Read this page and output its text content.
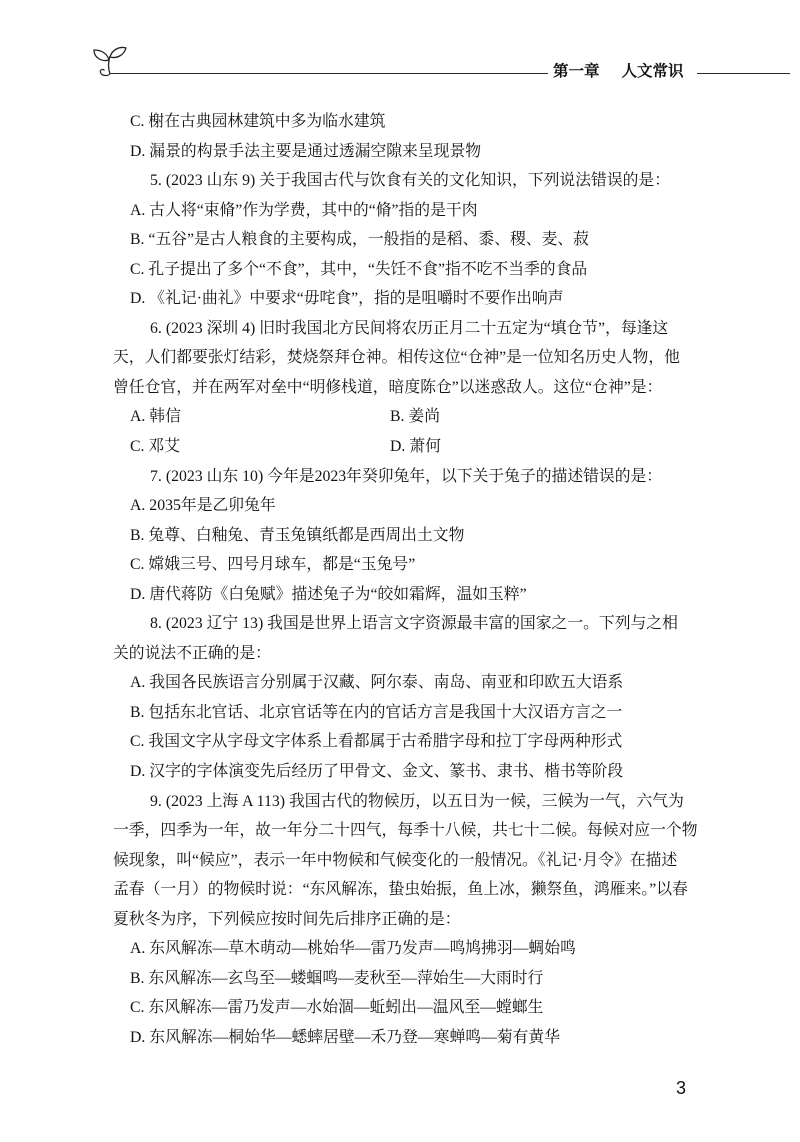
第一章 人文常识
C. 榭在古典园林建筑中多为临水建筑
D. 漏景的构景手法主要是通过透漏空隙来呈现景物
5. (2023 山东 9) 关于我国古代与饮食有关的文化知识，下列说法错误的是：
A. 古人将“束脩”作为学费，其中的“脩”指的是干肉
B. “五谷”是古人粮食的主要构成，一般指的是稻、黍、稷、麦、菽
C. 孔子提出了多个“不食”，其中，“失饪不食”指不吃不当季的食品
D. 《礼记·曲礼》中要求“毋咤食”，指的是咀嚼时不要作出响声
6. (2023 深圳 4) 旧时我国北方民间将农历正月二十五定为“填仓节”，每逢这
天，人们都要张灯结彩，焚烧祭拜仓神。相传这位“仓神”是一位知名历史人物，他
曾任仓官，并在两军对垒中“明修栈道，暗度陈仓”以迷惑敌人。这位“仓神”是：
A. 韩信	B. 姜尚
C. 邓艾	D. 萧何
7. (2023 山东 10) 今年是2023年癸卯兔年，以下关于兔子的描述错误的是：
A. 2035年是乙卯兔年
B. 兔尊、白釉兔、青玉兔镇纸都是西周出土文物
C. 嫦娥三号、四号月球车，都是“玉兔号”
D. 唐代蒋防《白兔赋》描述兔子为“皎如霜辉，温如玉粹”
8. (2023 辽宁 13) 我国是世界上语言文字资源最丰富的国家之一。下列与之相
关的说法不正确的是：
A. 我国各民族语言分别属于汉藏、阿尔泰、南岛、南亚和印欧五大语系
B. 包括东北官话、北京官话等在内的官话方言是我国十大汉语方言之一
C. 我国文字从字母文字体系上看都属于古希腊字母和拉丁字母两种形式
D. 汉字的字体演变先后经历了甲骨文、金文、篆书、隶书、楷书等阶段
9. (2023 上海 A 113) 我国古代的物候历，以五日为一候，三候为一气，六气为
一季，四季为一年，故一年分二十四气，每季十八候，共七十二候。每候对应一个物
候现象，叫“候应”，表示一年中物候和气候变化的一般情况。《礼记·月令》在描述
孟春（一月）的物候时说：“东风解冻，蛰虫始振，鱼上冰，獭祭鱼，鸿雁来。”以春
夏秋冬为序，下列候应按时间先后排序正确的是：
A. 东风解冻—草木萌动—桃始华—雷乃发声—鸣鸠拂羽—蜩始鸣
B. 东风解冻—玄鸟至—蝼蝈鸣—麦秋至—萍始生—大雨时行
C. 东风解冻—雷乃发声—水始涸—蚯蚓出—温风至—螳螂生
D. 东风解冻—桐始华—蟋蟀居壁—禾乃登—寒蝉鸣—菊有黄华
3
